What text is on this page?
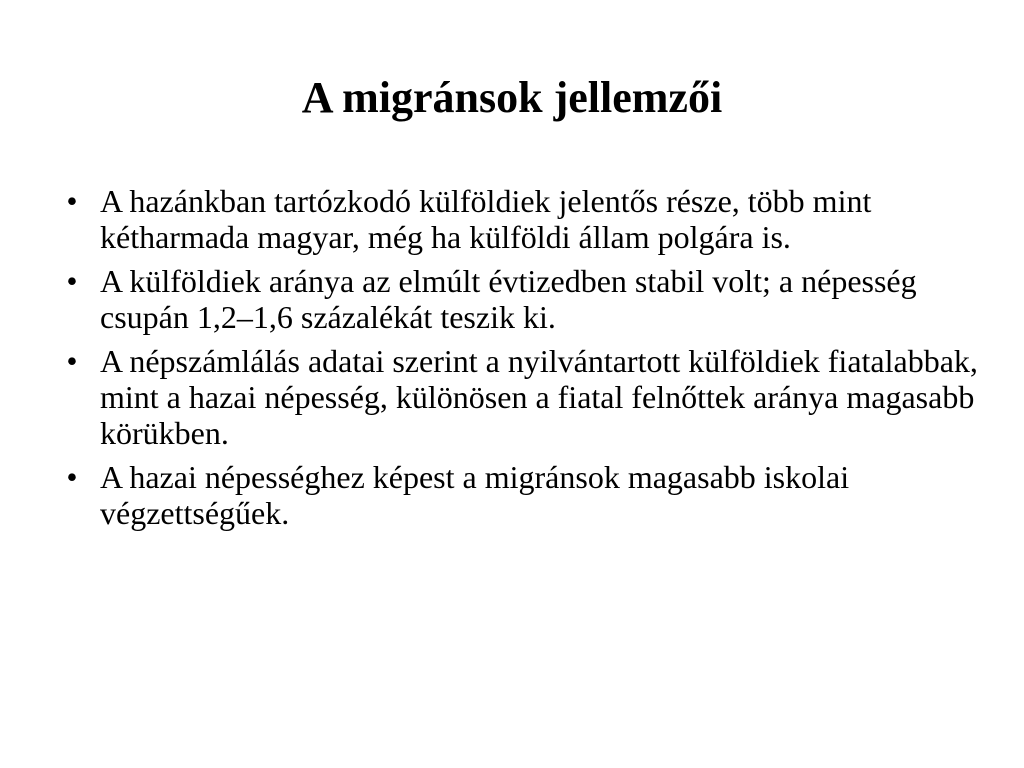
A migránsok jellemzői
• A hazánkban tartózkodó külföldiek jelentős része, több mint kétharmada magyar, még ha külföldi állam polgára is.
• A külföldiek aránya az elmúlt évtizedben stabil volt; a népesség csupán 1,2–1,6 százalékát teszik ki.
• A népszámlálás adatai szerint a nyilvántartott külföldiek fiatalabbak, mint a hazai népesség, különösen a fiatal felnőttek aránya magasabb körükben.
• A hazai népességhez képest a migránsok magasabb iskolai végzettségűek.
